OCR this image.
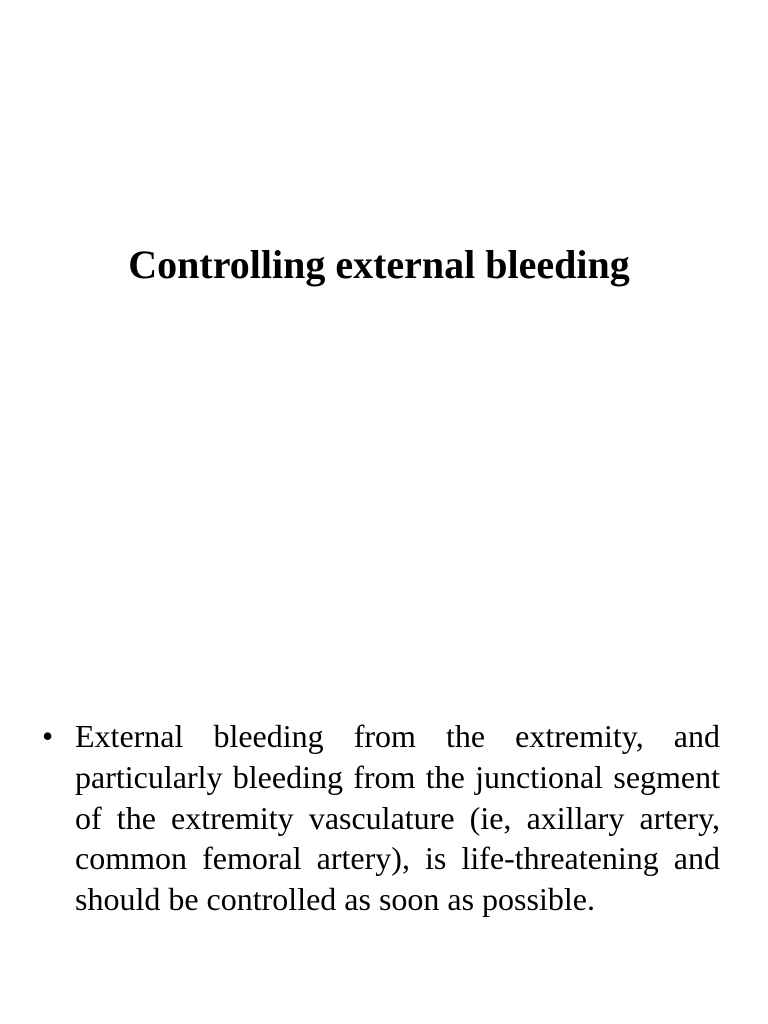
Controlling external bleeding
• External bleeding from the extremity, and particularly bleeding from the junctional segment of the extremity vasculature (ie, axillary artery, common femoral artery), is life-threatening and should be controlled as soon as possible.
